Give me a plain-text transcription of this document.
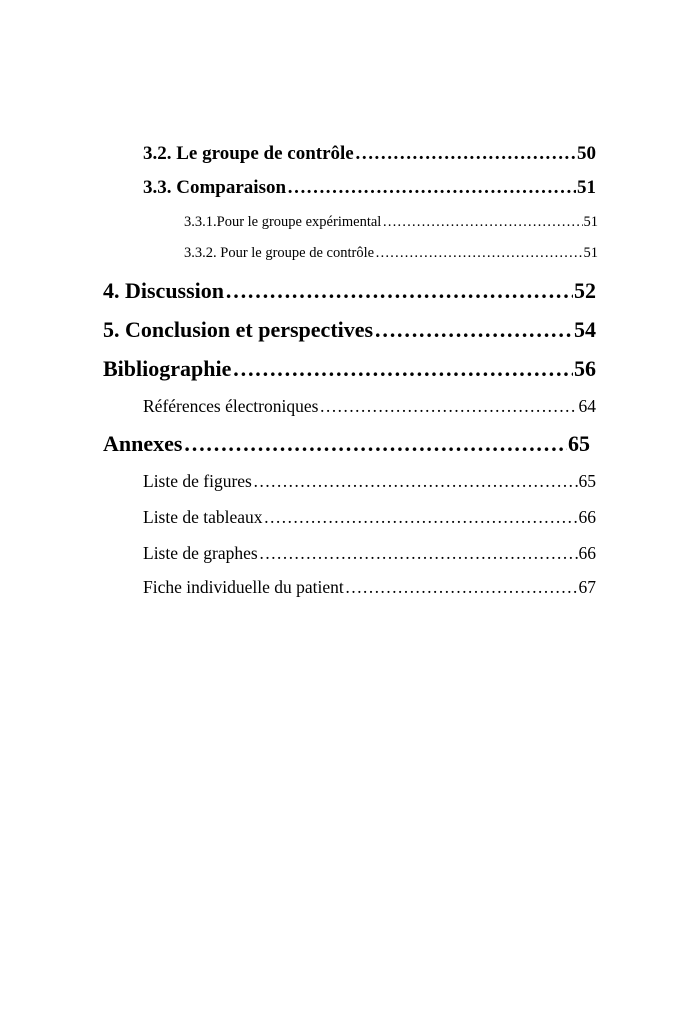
3.2. Le groupe de contrôle ……………………………………………………………………………………………………………………………………	50
3.3. Comparaison ……………………………………………………………………………………………………………………………………	51
3.3.1.Pour le groupe expérimental ……………………………………………………………………………………………………………………………………	51
3.3.2. Pour le groupe de contrôle ……………………………………………………………………………………………………………………………………	51
4. Discussion ……………………………………………………………………………………………………………………………………	52
5. Conclusion et perspectives ……………………………………………………………………………………………………………………………………	54
Bibliographie ……………………………………………………………………………………………………………………………………	56
Références électroniques ……………………………………………………………………………………………………………………………………	64
Annexes ……………………………………………………………………………………………………………………………………	65
Liste de figures ……………………………………………………………………………………………………………………………………	65
Liste de tableaux ……………………………………………………………………………………………………………………………………	66
Liste de graphes ……………………………………………………………………………………………………………………………………	66
Fiche individuelle du patient ……………………………………………………………………………………………………………………………………	67
